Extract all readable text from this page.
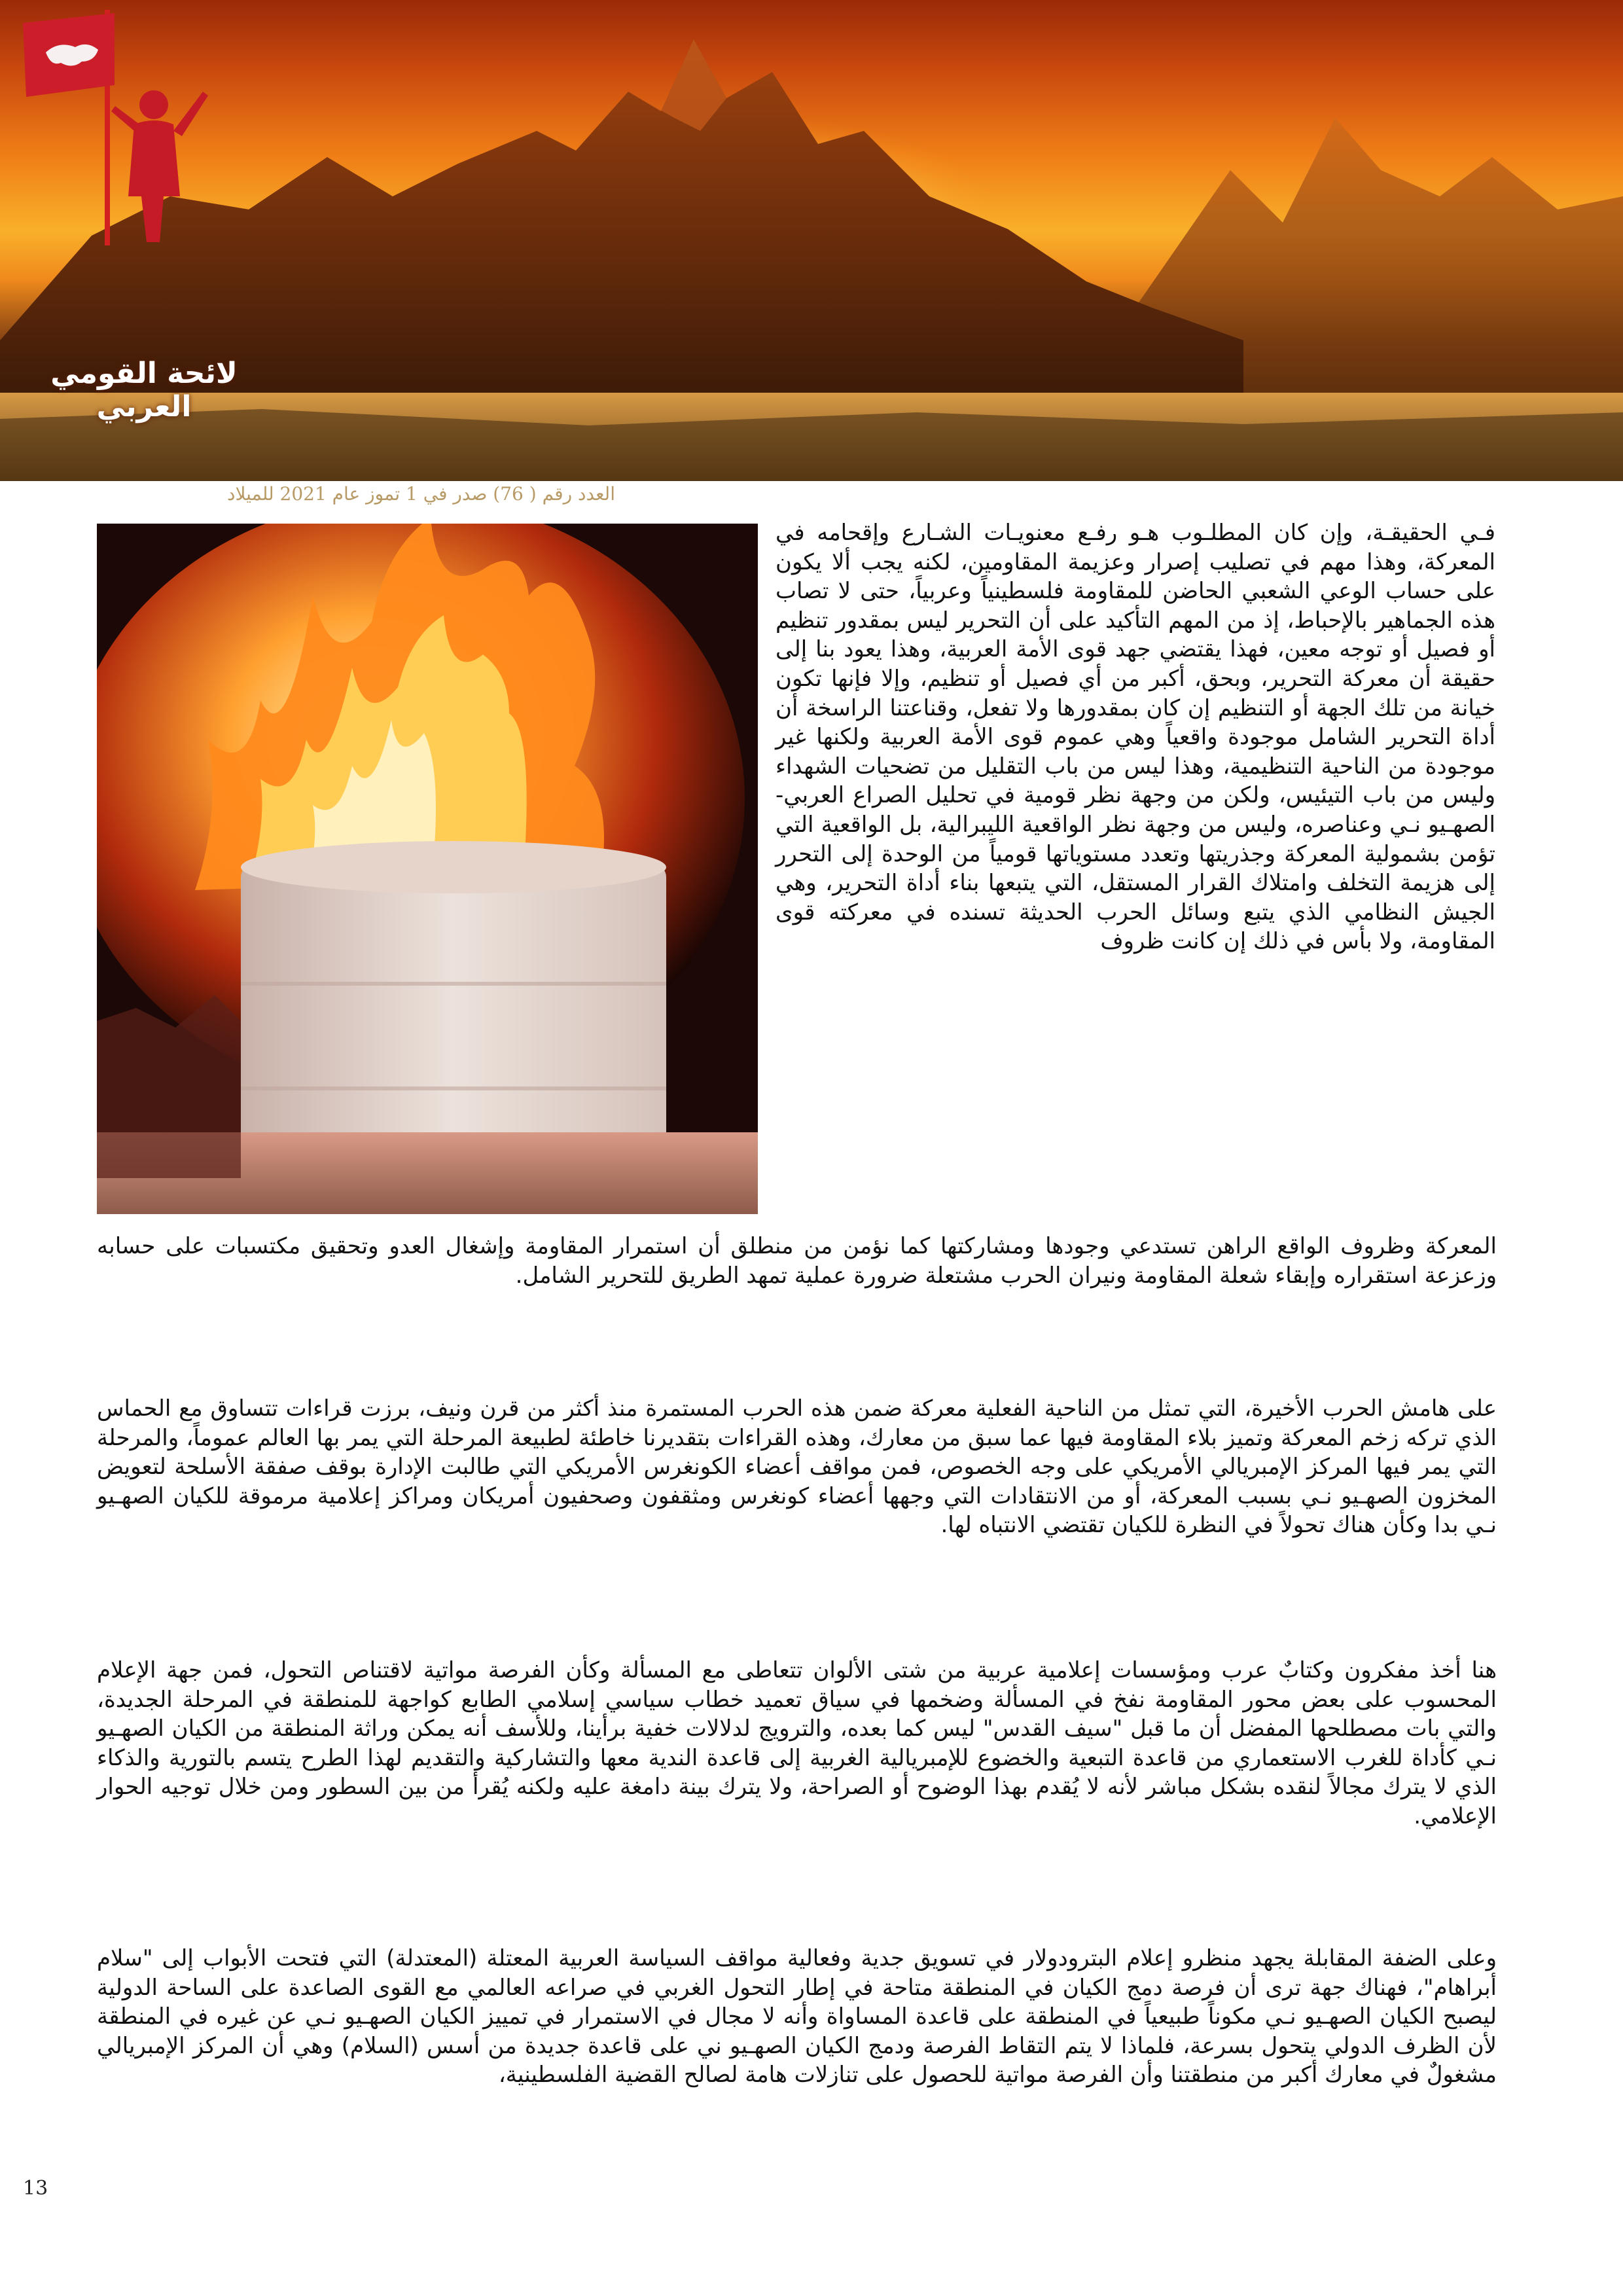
لائحة القومي العربي
العدد رقم ( 76) صدر في 1 تموز عام 2021 للميلاد

فـي الحقيقـة، وإن كان المطلـوب هـو رفـع معنويـات الشـارع وإقحامه في المعركة، وهذا مهم في تصليب إصرار وعزيمة المقاومين، لكنه يجب ألا يكون على حساب الوعي الشعبي الحاضن للمقاومة فلسطينياً وعربياً، حتى لا تصاب هذه الجماهير بالإحباط، إذ من المهم التأكيد على أن التحرير ليس بمقدور تنظيم أو فصيل أو توجه معين، فهذا يقتضي جهد قوى الأمة العربية، وهذا يعود بنا إلى حقيقة أن معركة التحرير، وبحق، أكبر من أي فصيل أو تنظيم، وإلا فإنها تكون خيانة من تلك الجهة أو التنظيم إن كان بمقدورها ولا تفعل، وقناعتنا الراسخة أن أداة التحرير الشامل موجودة واقعياً وهي عموم قوى الأمة العربية ولكنها غير موجودة من الناحية التنظيمية، وهذا ليس من باب التقليل من تضحيات الشهداء وليس من باب التيئيس، ولكن من وجهة نظر قومية في تحليل الصراع العربي-الصهـيو نـي وعناصره، وليس من وجهة نظر الواقعية الليبرالية، بل الواقعية التي تؤمن بشمولية المعركة وجذريتها وتعدد مستوياتها قومياً من الوحدة إلى التحرر إلى هزيمة التخلف وامتلاك القرار المستقل، التي يتبعها بناء أداة التحرير، وهي الجيش النظامي الذي يتبع وسائل الحرب الحديثة تسنده في معركته قوى المقاومة، ولا بأس في ذلك إن كانت ظروف

المعركة وظروف الواقع الراهن تستدعي وجودها ومشاركتها كما نؤمن من منطلق أن استمرار المقاومة وإشغال العدو وتحقيق مكتسبات على حسابه وزعزعة استقراره وإبقاء شعلة المقاومة ونيران الحرب مشتعلة ضرورة عملية تمهد الطريق للتحرير الشامل.

على هامش الحرب الأخيرة، التي تمثل من الناحية الفعلية معركة ضمن هذه الحرب المستمرة منذ أكثر من قرن ونيف، برزت قراءات تتساوق مع الحماس الذي تركه زخم المعركة وتميز بلاء المقاومة فيها عما سبق من معارك، وهذه القراءات بتقديرنا خاطئة لطبيعة المرحلة التي يمر بها العالم عموماً، والمرحلة التي يمر فيها المركز الإمبريالي الأمريكي على وجه الخصوص، فمن مواقف أعضاء الكونغرس الأمريكي التي طالبت الإدارة بوقف صفقة الأسلحة لتعويض المخزون الصهـيو نـي بسبب المعركة، أو من الانتقادات التي وجهها أعضاء كونغرس ومثقفون وصحفيون أمريكان ومراكز إعلامية مرموقة للكيان الصهـيو نـي بدا وكأن هناك تحولاً في النظرة للكيان تقتضي الانتباه لها.

هنا أخذ مفكرون وكتابٌ عرب ومؤسسات إعلامية عربية من شتى الألوان تتعاطى مع المسألة وكأن الفرصة مواتية لاقتناص التحول، فمن جهة الإعلام المحسوب على بعض محور المقاومة نفخ في المسألة وضخمها في سياق تعميد خطاب سياسي إسلامي الطابع كواجهة للمنطقة في المرحلة الجديدة، والتي بات مصطلحها المفضل أن ما قبل "سيف القدس" ليس كما بعده، والترويج لدلالات خفية برأينا، وللأسف أنه يمكن وراثة المنطقة من الكيان الصهـيو نـي كأداة للغرب الاستعماري من قاعدة التبعية والخضوع للإمبريالية الغربية إلى قاعدة الندية معها والتشاركية والتقديم لهذا الطرح يتسم بالتورية والذكاء الذي لا يترك مجالاً لنقده بشكل مباشر لأنه لا يُقدم بهذا الوضوح أو الصراحة، ولا يترك بينة دامغة عليه ولكنه يُقرأ من بين السطور ومن خلال توجيه الحوار الإعلامي.

وعلى الضفة المقابلة يجهد منظرو إعلام البترودولار في تسويق جدية وفعالية مواقف السياسة العربية المعتلة (المعتدلة) التي فتحت الأبواب إلى "سلام أبراهام"، فهناك جهة ترى أن فرصة دمج الكيان في المنطقة متاحة في إطار التحول الغربي في صراعه العالمي مع القوى الصاعدة على الساحة الدولية ليصبح الكيان الصهـيو نـي مكوناً طبيعياً في المنطقة على قاعدة المساواة وأنه لا مجال في الاستمرار في تمييز الكيان الصهـيو نـي عن غيره في المنطقة لأن الظرف الدولي يتحول بسرعة، فلماذا لا يتم التقاط الفرصة ودمج الكيان الصهـيو ني على قاعدة جديدة من أسس (السلام) وهي أن المركز الإمبريالي مشغولٌ في معارك أكبر من منطقتنا وأن الفرصة مواتية للحصول على تنازلات هامة لصالح القضية الفلسطينية،

13
